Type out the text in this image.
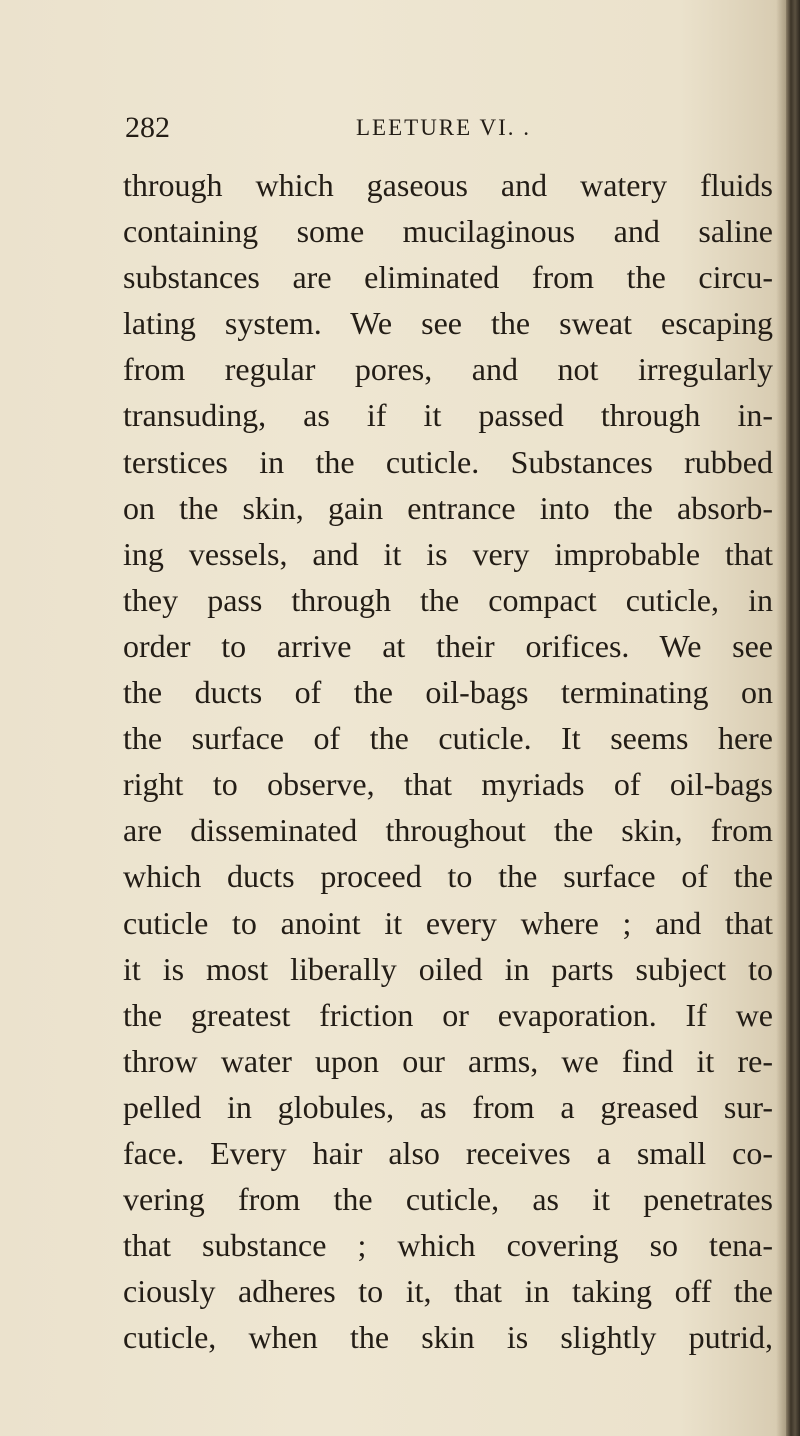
282	LEETURE VI. .
through which gaseous and watery fluids
containing some mucilaginous and saline
substances are eliminated from the circu-
lating system. We see the sweat escaping
from regular pores, and not irregularly
transuding, as if it passed through in-
terstices in the cuticle. Substances rubbed
on the skin, gain entrance into the absorb-
ing vessels, and it is very improbable that
they pass through the compact cuticle, in
order to arrive at their orifices. We see
the ducts of the oil-bags terminating on
the surface of the cuticle. It seems here
right to observe, that myriads of oil-bags
are disseminated throughout the skin, from
which ducts proceed to the surface of the
cuticle to anoint it every where ; and that
it is most liberally oiled in parts subject to
the greatest friction or evaporation. If we
throw water upon our arms, we find it re-
pelled in globules, as from a greased sur-
face. Every hair also receives a small co-
vering from the cuticle, as it penetrates
that substance ; which covering so tena-
ciously adheres to it, that in taking off the
cuticle, when the skin is slightly putrid,
